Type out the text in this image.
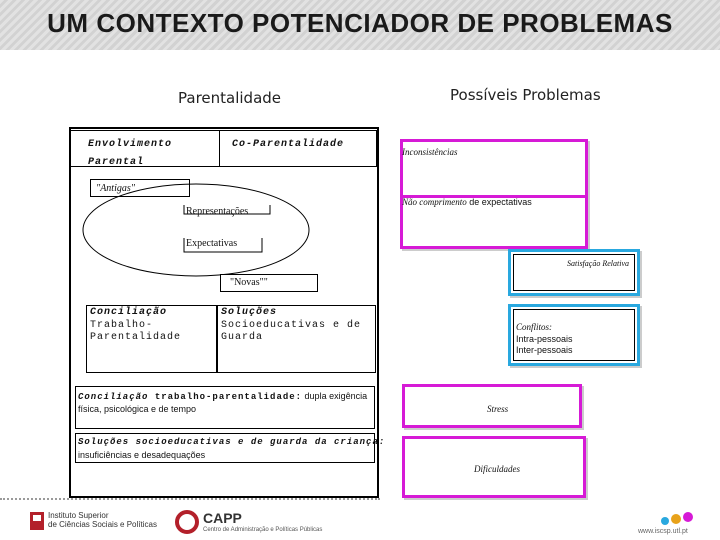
UM CONTEXTO POTENCIADOR DE PROBLEMAS
Parentalidade	Possíveis Problemas
Envolvimento
Parental
Co-Parentalidade
"Antigas"
Representações
Expectativas
"Novas""
Conciliação
Trabalho-
Parentalidade
Soluções
Socioeducativas e de
Guarda
Conciliação trabalho-parentalidade: dupla exigência física, psicológica e de tempo
Soluções socioeducativas e de guarda da criança:
insuficiências e desadequações
Inconsistências
Não comprimento de expectativas
Satisfação Relativa
Conflitos:
Intra-pessoais
Inter-pessoais
Stress
Dificuldades
Instituto Superior
de Ciências Sociais e Políticas	CAPP
Centro de Administração e Políticas Públicas	www.iscsp.utl.pt
